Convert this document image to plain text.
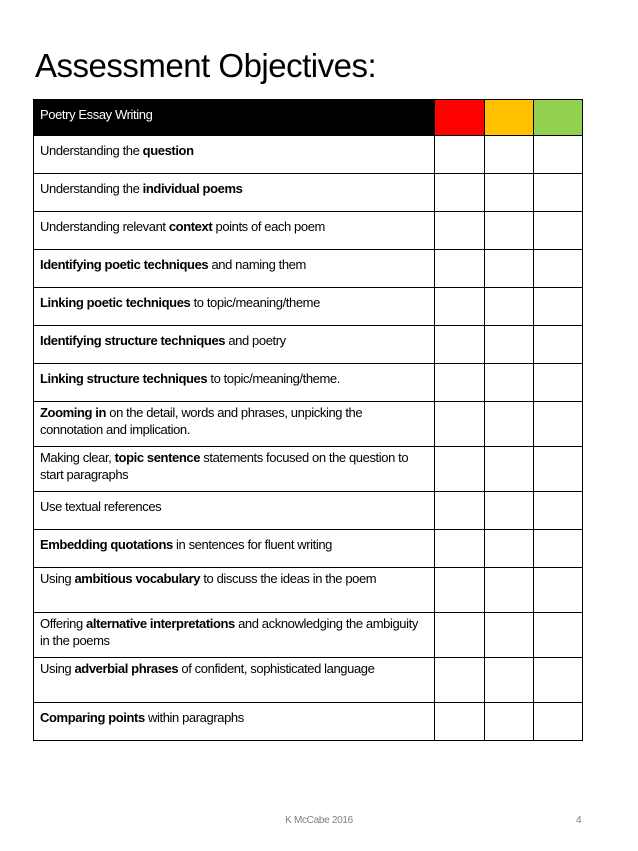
Assessment Objectives:
Poetry Essay Writing			
Understanding the question			
Understanding the individual poems			
Understanding relevant context points of each poem			
Identifying poetic techniques and naming them			
Linking poetic techniques to topic/meaning/theme			
Identifying structure techniques and poetry			
Linking structure techniques to topic/meaning/theme.			
Zooming in on the detail, words and phrases, unpicking the connotation and implication.			
Making clear, topic sentence statements focused on the question to start paragraphs			
Use textual references			
Embedding quotations in sentences for fluent writing			
Using ambitious vocabulary to discuss the ideas in the poem			
Offering alternative interpretations and acknowledging the ambiguity in the poems			
Using adverbial phrases of confident, sophisticated language			
Comparing points within paragraphs			
K McCabe 2016	4
